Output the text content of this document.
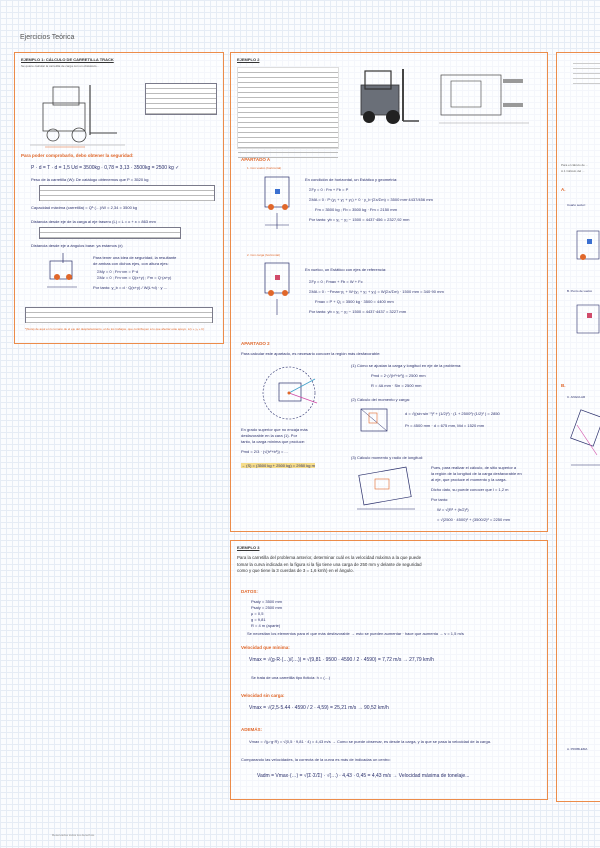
Ejercicios Teórica
· · · · · · · · · · · · · ·
EJEMPLO 1: CÁLCULO DE CARRETILLA TRACK
Se quiere calcular la carretilla de carga con un obstáculo...
Para poder comprobarlo, debo obtener la seguridad:
P · d = T · d = 1,5 Ud = 3500kg · 0,78 = 3,13 · 3500kg = 2500 kg ✓
Peso de la carretilla (W): De catálogo obtenemos que P = 3520 kg
Capacidad máxima (carretilla) = Q²·(…)/W = 2,34 = 3500 kg
Distancia desde eje de la carga al eje trasero (L) = L = c + x = 863 mm
Distancia desde eje a ángulos base: ya estamos (x)
Para tener una idea de seguridad, la resultante
de ambas con dichos ejes, con altura ejes:
ΣMy = 0 ; Fm·xm = P·d
ΣMz = 0 ; Fm·xm = Q(x+y) ; Fm = Q·(a+y)
Por tanto: y_b = d · Q(x+y) / W(L+d) · y ...
*(Nota) de aquí en lo tomaré de el eje del desplazamiento, el de los trabajos, que contribuyen a lo que afectar este apoyo, L(x + y₀ + b)
EJEMPLO 2
APARTADO A
1. Con vuelco (horizontal)
En condición de horizontal, un Estático y geometría:
ΣFy = 0 : Fm + Fb = P
ΣMA = 0 : P·(y₁ + y₂ + y₃) + 0 · y_b·(Σx/Σm) = 3500 mm·4437/456 mm
Fm = 3500 kg ; Fb = 3500 kg · Fm = 2150 mm
Por tanto: yb = y₁ − y₂ − 1500 = 4437·456 = 2327,92 mm
2. Con carga (horizontal)
En vuelco, un Estático con ejes de referencia:
ΣFy = 0 ; Fmax + Fb = W + Fc
ΣMA = 0 : −Fmax·y₁ + W·(y₁ + y₂ + y₃) = W(Σx/Σm) · 1500 mm = 340·90 mm
Fmax = P + Q₁ = 3500 kg · 3500 = 4400 mm
Por tanto: yb = y₁ − y₂ − 1500 = 4437·4437 = 3227 mm
APARTADO 2
Para calcular este apartado, es necesario conocer la región más desfavorable:
(1) Cómo se ajustan la carga y longitud en eje de la problema:
Pmd = 2·(√(h²+b²)) = 2500 mm
R = 4A mm · Sin = 2500 mm
(2) Cálculo del momento y carga:
d = √((sin·sin⁻¹)² + (1/2)²) · (1 + 2500²)·(1/2)² ) = 2850
Pr = 4500 mm · d = 675 mm, Md = 1520 mm
En grado superior que no encaja más
desfavorable en la cara (1). Por
tanto, la carga mínima que produce:
Pmd = 2/3 · (√(h²+b²)) = ...
→ (S) = (3500 kg + 2500 kg) = 2950 kg m
(3) Cálculo momento y radio de longitud:
Pues, para realizar el cálculo, de sitio superior a
la región de la longitud de la carga desfavorable en
al eje, que produce el momento y la carga.
Dicho dato, su puede conocer que l = 1,2 m
Por tanto:
W = √(R² + (h/2)²)
= √(2500 · 4500)² + (3500/2)² = 2250 mm
EJEMPLO 3
Para la carretilla del problema anterior, determinar cuál es la velocidad máxima a la que puede tomar la curva indicada en la figura si la fijo tiene una carga de 250 mm y delante de seguridad como y que tiene la 3 cuerdas de 3 = 1,6 kmh) en el ángulo.
DATOS:
Psaly = 3500 mm
Psaly = 2500 mm
μ = 0,5
g = 9,81
R = 4 m (aparte)
Se necesitan los elementos para el que más desfavorable → esto se pueden aumentar · hace que aumenta → v = 1,5 m/s
Velocidad que mínima:
Vmax = √(g·R·(…)/(…)) = √(9,81 · 9500 · 4590 / 2 · 4590) = 7,72 m/s → 27,79 km/h
Se trata de una carretilla tipo ficticia: h = (…)
Velocidad sin carga:
Vmax = √(2,5·5.44 · 4590 / 2 · 4,59) = 25,21 m/s → 90,52 km/h
ADEMÁS:
Vmax = √(μ·g·R) = √(0,5 · 9,81 · 4) = 4,43 m/s → Como se puede observar, es desde la carga, y la que se pasa la velocidad de la carga.
Comparando las velocidades, la correcta de la curva es más de indicadas un centro:
Vadm = Vmax·(…) = √(Σ·Σ/Σ) · √(…) · 4,43 · 0,45 = 4,43 m/s → Velocidad máxima de tonelaje...
Para el cálculo de ...
A.1 Cálculo del ...
A.
Cuarto sector:
B. Punto de vuelco
B.
C. ANGULAR
A. PROBLEMA
Reservados todos los derechos.
